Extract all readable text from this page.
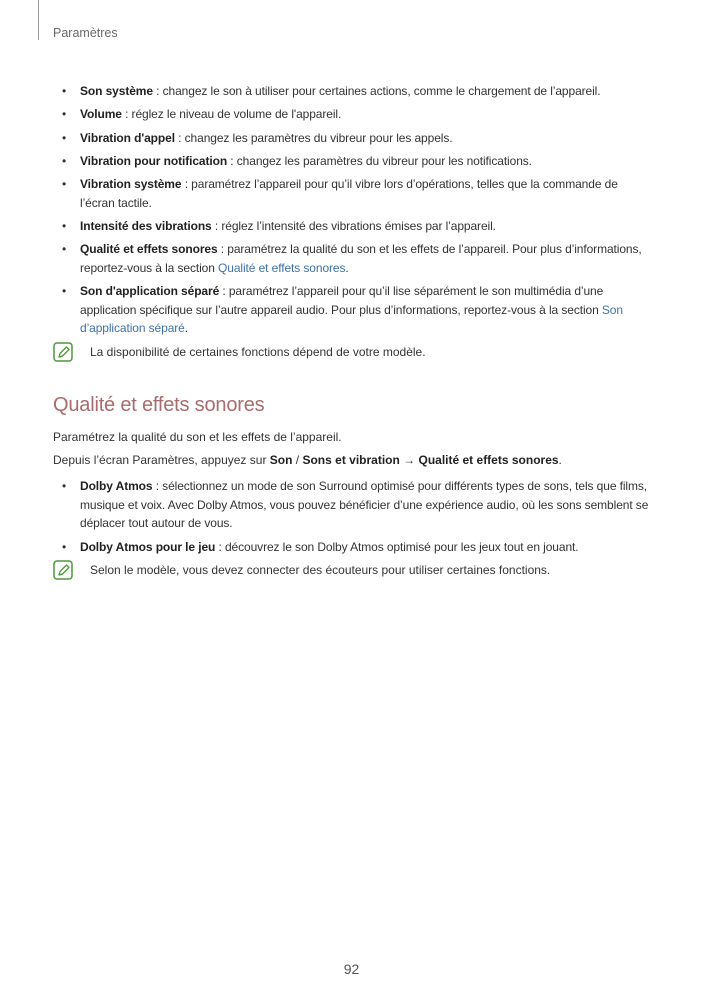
Paramètres
• Son système : changez le son à utiliser pour certaines actions, comme le chargement de l’appareil.
• Volume : réglez le niveau de volume de l'appareil.
• Vibration d'appel : changez les paramètres du vibreur pour les appels.
• Vibration pour notification : changez les paramètres du vibreur pour les notifications.
• Vibration système : paramétrez l’appareil pour qu’il vibre lors d’opérations, telles que la commande de l’écran tactile.
• Intensité des vibrations : réglez l’intensité des vibrations émises par l’appareil.
• Qualité et effets sonores : paramétrez la qualité du son et les effets de l’appareil. Pour plus d’informations, reportez-vous à la section Qualité et effets sonores.
• Son d'application séparé : paramétrez l’appareil pour qu’il lise séparément le son multimédia d’une application spécifique sur l’autre appareil audio. Pour plus d’informations, reportez-vous à la section Son d’application séparé.
La disponibilité de certaines fonctions dépend de votre modèle.
Qualité et effets sonores

Paramétrez la qualité du son et les effets de l’appareil.

Depuis l’écran Paramètres, appuyez sur Son / Sons et vibration → Qualité et effets sonores.

• Dolby Atmos : sélectionnez un mode de son Surround optimisé pour différents types de sons, tels que films, musique et voix. Avec Dolby Atmos, vous pouvez bénéficier d’une expérience audio, où les sons semblent se déplacer tout autour de vous.
• Dolby Atmos pour le jeu : découvrez le son Dolby Atmos optimisé pour les jeux tout en jouant.
Selon le modèle, vous devez connecter des écouteurs pour utiliser certaines fonctions.
92
